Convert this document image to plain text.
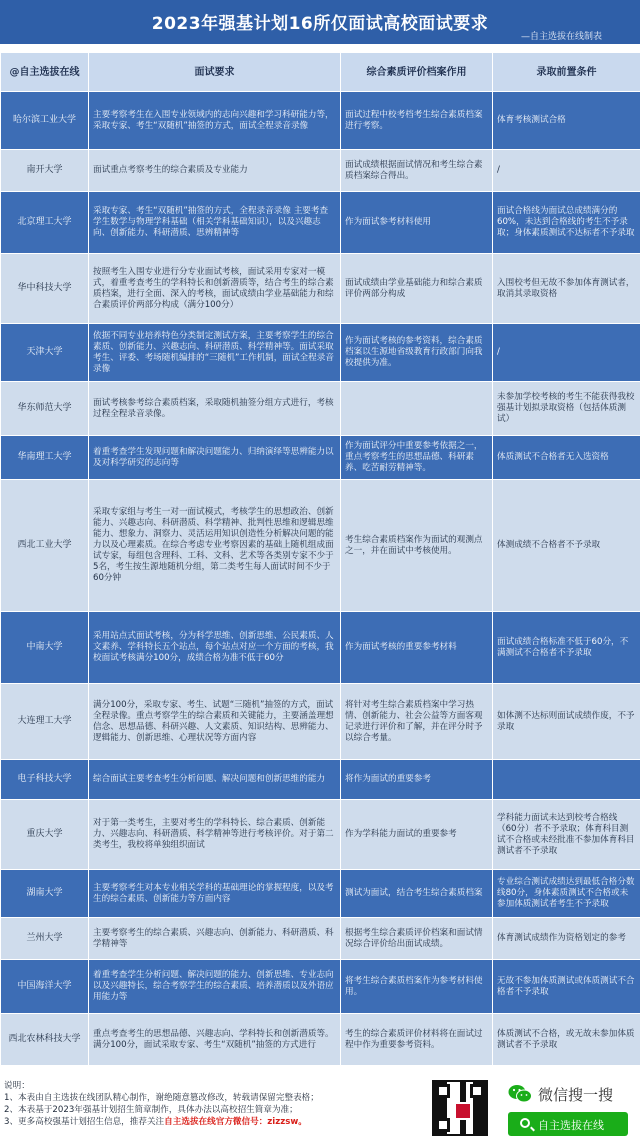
2023年强基计划16所仅面试高校面试要求
—自主选拔在线制表
@自主选拔在线	面试要求	综合素质评价档案作用	录取前置条件
哈尔滨工业大学	主要考察考生在入围专业领域内的志向兴趣和学习科研能力等，采取专家、考生“双随机”抽签的方式，面试全程录音录像	面试过程中校考档考生综合素质档案进行考察。	体育考核测试合格
南开大学	面试重点考察考生的综合素质及专业能力	面试成绩根据面试情况和考生综合素质档案综合得出。	/
北京理工大学	采取专家、考生“双随机”抽签的方式，全程录音录像 主要考查学生数学与物理学科基础（相关学科基础知识），以及兴趣志向、创新能力、科研潜质、思辨精神等	作为面试参考材料使用	面试合格线为面试总成绩满分的60%，未达到合格线的考生不予录取；身体素质测试不达标者不予录取
华中科技大学	按照考生入围专业进行分专业面试考核，面试采用专家对一模式，着重考查考生的学科特长和创新潜质等，结合考生的综合素质档案，进行全面、深入的考核，面试成绩由学业基础能力和综合素质评价两部分构成（满分100分）	面试成绩由学业基础能力和综合素质评价两部分构成	入围校考但无故不参加体育测试者，取消其录取资格
天津大学	依据不同专业培养特色分类制定测试方案，主要考察学生的综合素质、创新能力、兴趣志向、科研潜质、科学精神等。面试采取考生、评委、考场随机编排的“三随机”工作机制，面试全程录音录像	作为面试考核的参考资料，综合素质档案以生源地省级教育行政部门向我校提供为准。	/
华东师范大学	面试考核参考综合素质档案，采取随机抽签分组方式进行，考核过程全程录音录像。		未参加学校考核的考生不能获得我校强基计划拟录取资格（包括体质测试）
华南理工大学	着重考查学生发现问题和解决问题能力、归纳演绎等思辨能力以及对科学研究的志向等	作为面试评分中重要参考依据之一，重点考察考生的思想品德、科研素养、吃苦耐劳精神等。	体质测试不合格者无入选资格
西北工业大学	采取专家组与考生一对一面试模式，考核学生的思想政治、创新能力、兴趣志向、科研潜质、科学精神、批判性思维和逻辑思维能力、想象力、洞察力、灵活运用知识创造性分析解决问题的能力以及心理素质。在综合考虑专业考察因素的基础上随机组成面试专家，每组包含理科、工科、文科、艺术等各类别专家不少于5名，考生按生源地随机分组，第二类考生每人面试时间不少于60分钟	考生综合素质档案作为面试的观测点之一，并在面试中考核使用。	体测成绩不合格者不予录取
中南大学	采用站点式面试考核，分为科学思维、创新思维、公民素质、人文素养、学科特长五个站点，每个站点对应一个方面的考核，我校面试考核满分100分，成绩合格为准不低于60分	作为面试考核的重要参考材料	面试成绩合格标准不低于60分，不满测试不合格者不予录取
大连理工大学	满分100分，采取专家、考生、试题“三随机”抽签的方式，面试全程录像。重点考察学生的综合素质和关键能力，主要涵盖理想信念、思想品德、科研兴趣、人文素质、知识结构、思辨能力、逻辑能力、创新思维、心理状况等方面内容	将针对考生综合素质档案中学习热情、创新能力、社会公益等方面客观记录进行评价和了解，并在评分时予以综合考量。	如体测不达标则面试成绩作废，不予录取
电子科技大学	综合面试主要考查考生分析问题、解决问题和创新思维的能力	将作为面试的重要参考	
重庆大学	对于第一类考生，主要对考生的学科特长、综合素质、创新能力、兴趣志向、科研潜质、科学精神等进行考核评价。对于第二类考生，我校将单独组织面试	作为学科能力面试的重要参考	学科能力面试未达到校考合格线（60分）者不予录取；体育科目测试不合格或未经批准不参加体育科目测试者不予录取
湖南大学	主要考察考生对本专业相关学科的基础理论的掌握程度，以及考生的综合素质、创新能力等方面内容	测试为面试，结合考生综合素质档案	专业综合测试成绩达到最低合格分数线80分，身体素质测试不合格或未参加体质测试者考生不予录取
兰州大学	主要考察考生的综合素质、兴趣志向、创新能力、科研潜质、科学精神等	根据考生综合素质评价档案和面试情况综合评价给出面试成绩。	体育测试成绩作为资格划定的参考
中国海洋大学	着重考查学生分析问题、解决问题的能力、创新思维、专业志向以及兴趣特长，综合考察学生的综合素质、培养潜质以及外语应用能力等	将考生综合素质档案作为参考材料使用。	无故不参加体质测试或体质测试不合格者不予录取
西北农林科技大学	重点考查考生的思想品德、兴趣志向、学科特长和创新潜质等。满分100分，面试采取专家、考生“双随机”抽签的方式进行	考生的综合素质评价材料将在面试过程中作为重要参考资料。	体质测试不合格，或无故未参加体质测试者不予录取
说明：
1、本表由自主选拔在线团队精心制作，谢绝随意篡改修改，转载请保留完整表格；
2、本表基于2023年强基计划招生简章制作，具体办法以高校招生简章为准；
3、更多高校强基计划招生信息，推荐关注自主选拔在线官方微信号：zizzsw。
微信搜一搜
自主选拔在线
